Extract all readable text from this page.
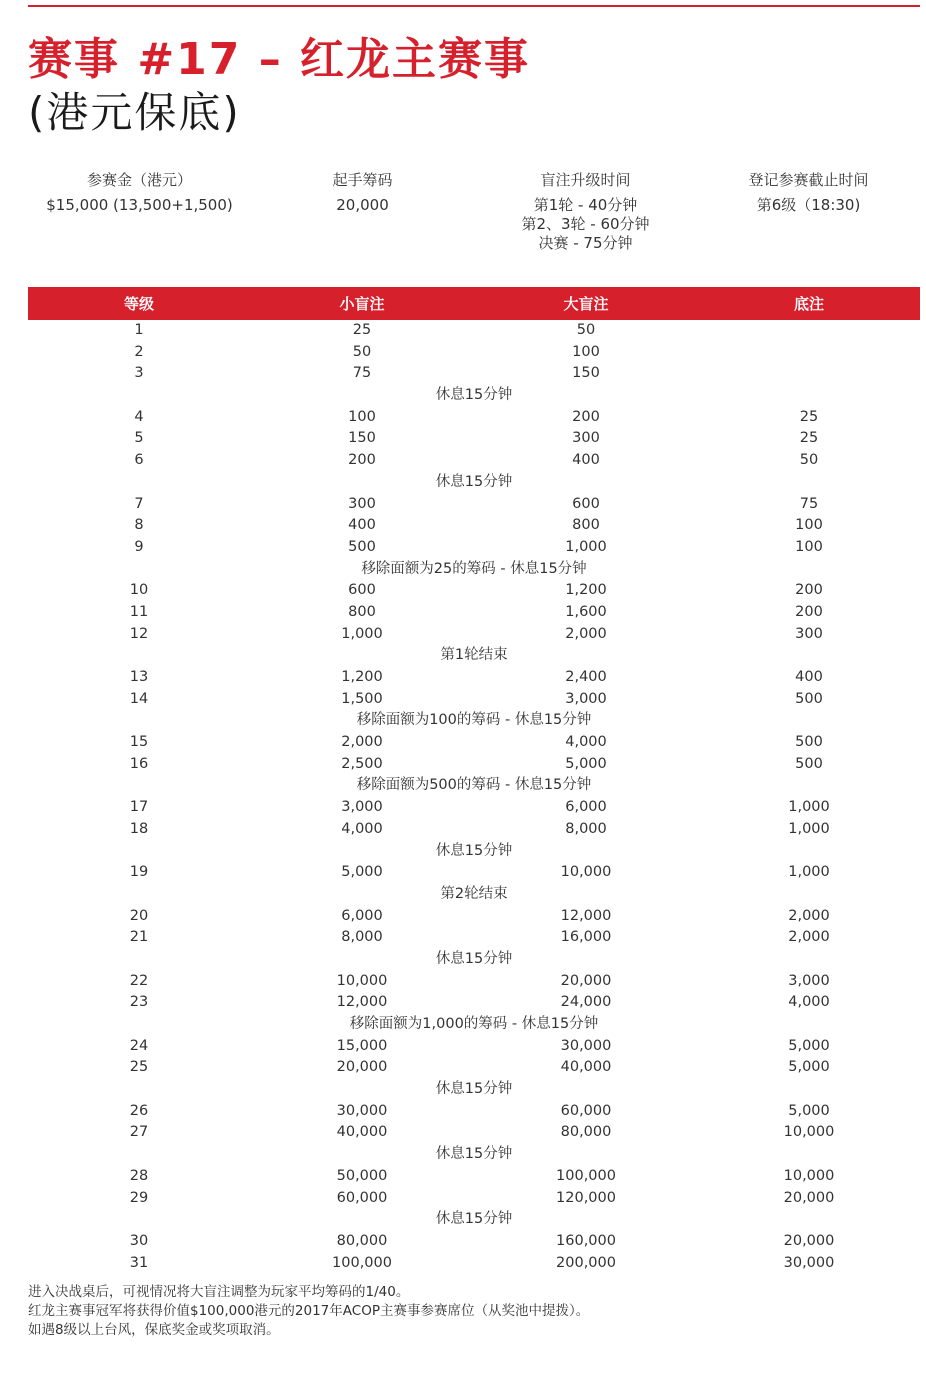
赛事 #17 – 红龙主赛事
(港元保底)
参赛金（港元）
$15,000 (13,500+1,500)
起手筹码
20,000
盲注升级时间
第1轮 - 40分钟
第2、3轮 - 60分钟
决赛 - 75分钟
登记参赛截止时间
第6级（18:30)
等级	小盲注	大盲注	底注
1	25	50
2	50	100
3	75	150
休息15分钟
4	100	200	25
5	150	300	25
6	200	400	50
休息15分钟
7	300	600	75
8	400	800	100
9	500	1,000	100
移除面额为25的筹码 - 休息15分钟
10	600	1,200	200
11	800	1,600	200
12	1,000	2,000	300
第1轮结束
13	1,200	2,400	400
14	1,500	3,000	500
移除面额为100的筹码 - 休息15分钟
15	2,000	4,000	500
16	2,500	5,000	500
移除面额为500的筹码 - 休息15分钟
17	3,000	6,000	1,000
18	4,000	8,000	1,000
休息15分钟
19	5,000	10,000	1,000
第2轮结束
20	6,000	12,000	2,000
21	8,000	16,000	2,000
休息15分钟
22	10,000	20,000	3,000
23	12,000	24,000	4,000
移除面额为1,000的筹码 - 休息15分钟
24	15,000	30,000	5,000
25	20,000	40,000	5,000
休息15分钟
26	30,000	60,000	5,000
27	40,000	80,000	10,000
休息15分钟
28	50,000	100,000	10,000
29	60,000	120,000	20,000
休息15分钟
30	80,000	160,000	20,000
31	100,000	200,000	30,000
进入决战桌后，可视情况将大盲注调整为玩家平均筹码的1/40。
红龙主赛事冠军将获得价值$100,000港元的2017年ACOP主赛事参赛席位（从奖池中提拨）。
如遇8级以上台风，保底奖金或奖项取消。
